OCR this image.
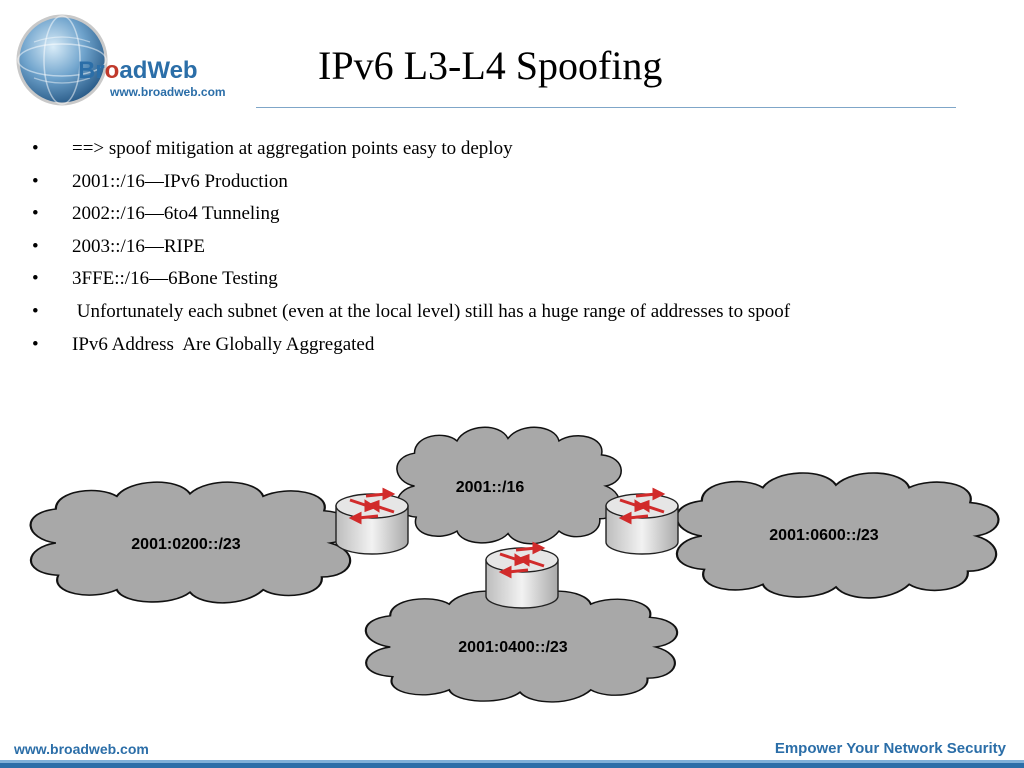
BroadWeb
www.broadweb.com
IPv6 L3-L4 Spoofing
• ==> spoof mitigation at aggregation points easy to deploy
• 2001::/16—IPv6 Production
• 2002::/16—6to4 Tunneling
• 2003::/16—RIPE
• 3FFE::/16—6Bone Testing
• Unfortunately each subnet (even at the local level) still has a huge range of addresses to spoof
• IPv6 Address  Are Globally Aggregated
2001::/16
2001:0200::/23
2001:0600::/23
2001:0400::/23
www.broadweb.com	Empower Your Network Security
